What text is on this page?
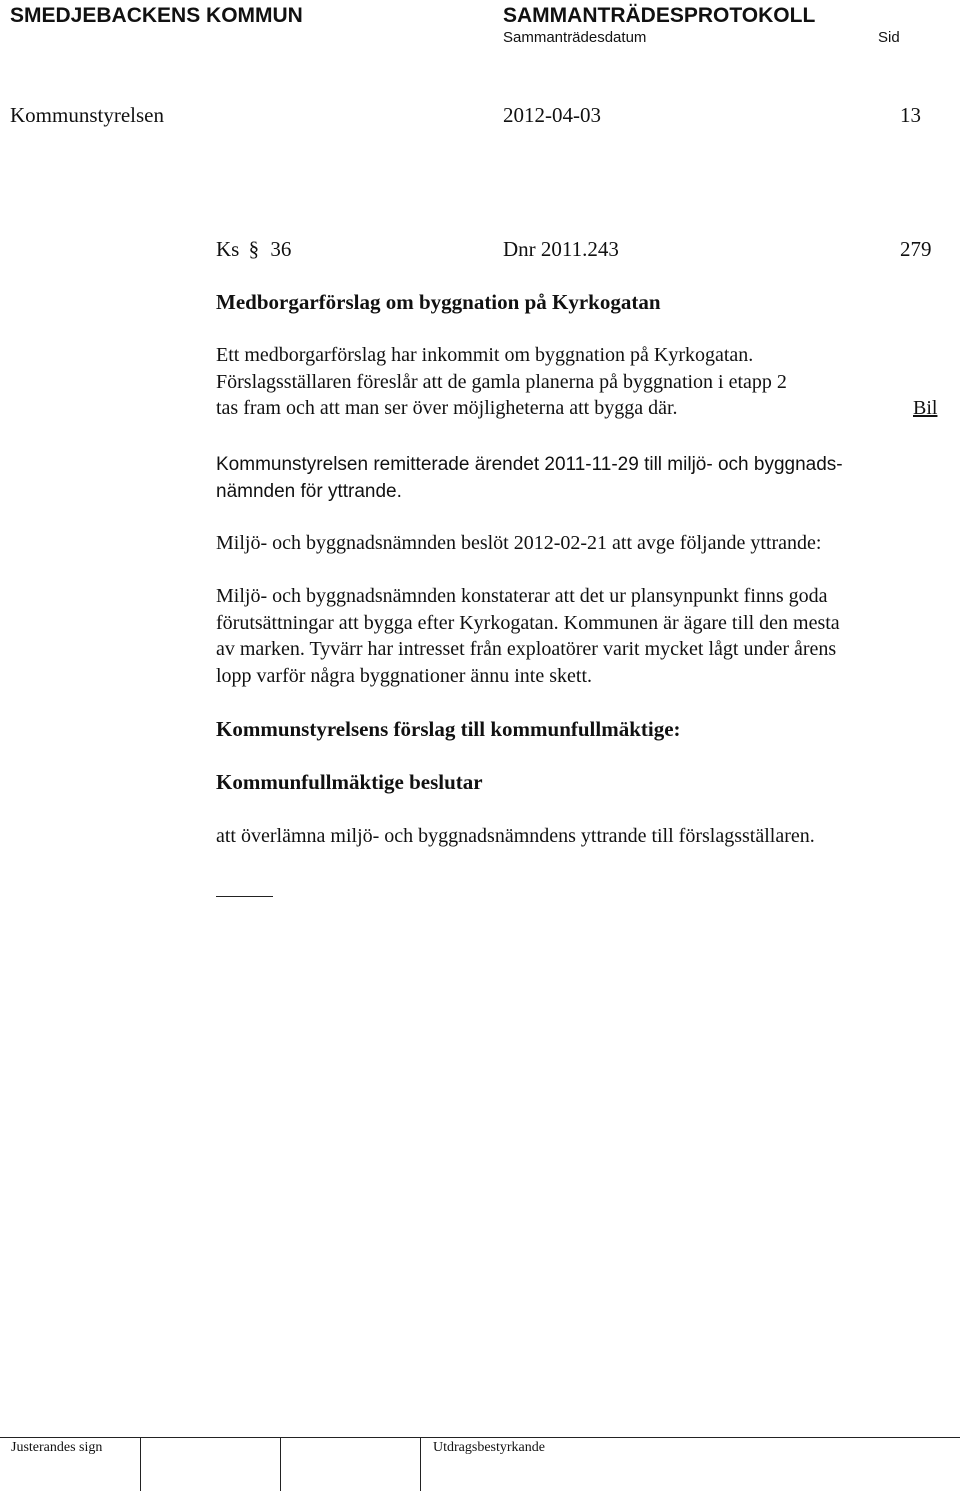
SMEDJEBACKENS KOMMUN	SAMMANTRÄDESPROTOKOLL
Sammanträdesdatum	Sid
Kommunstyrelsen	2012-04-03	13
Ks § 36	Dnr 2011.243	279
Medborgarförslag om byggnation på Kyrkogatan
Ett medborgarförslag har inkommit om byggnation på Kyrkogatan.
Förslagsställaren föreslår att de gamla planerna på byggnation i etapp 2
tas fram och att man ser över möjligheterna att bygga där.	Bil
Kommunstyrelsen remitterade ärendet 2011-11-29 till miljö- och byggnads-
nämnden för yttrande.
Miljö- och byggnadsnämnden beslöt 2012-02-21 att avge följande yttrande:
Miljö- och byggnadsnämnden konstaterar att det ur plansynpunkt finns goda
förutsättningar att bygga efter Kyrkogatan. Kommunen är ägare till den mesta
av marken. Tyvärr har intresset från exploatörer varit mycket lågt under årens
lopp varför några byggnationer ännu inte skett.
Kommunstyrelsens förslag till kommunfullmäktige:
Kommunfullmäktige beslutar
att överlämna miljö- och byggnadsnämndens yttrande till förslagsställaren.
Justerandes sign	Utdragsbestyrkande
